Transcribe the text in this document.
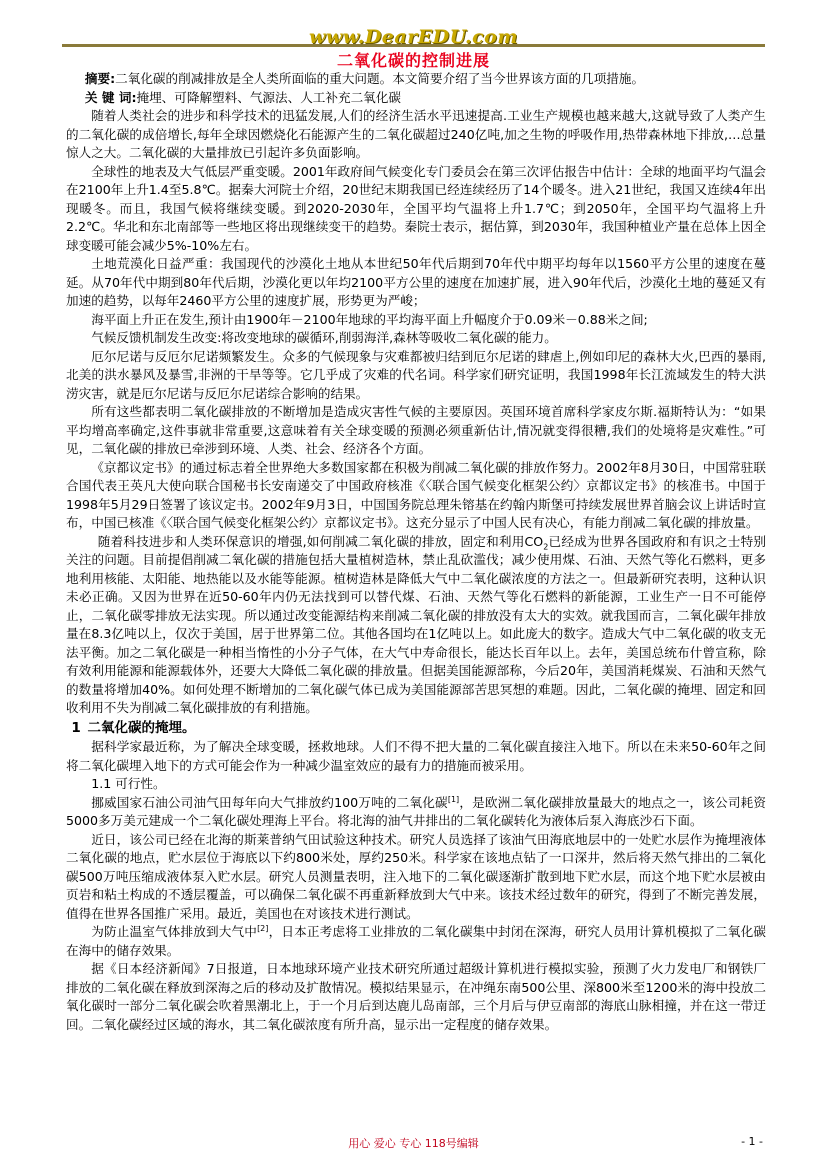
www.DearEDU.com
二氧化碳的控制进展

  摘要:二氧化碳的削减排放是全人类所面临的重大问题。本文简要介绍了当今世界该方面的几项措施。

  关 键 词:掩埋、可降解塑料、气源法、人工补充二氧化碳

随着人类社会的进步和科学技术的迅猛发展,人们的经济生活水平迅速提高.工业生产规模也越来越大,这就导致了人类产生的二氧化碳的成倍增长,每年全球因燃烧化石能源产生的二氧化碳超过240亿吨,加之生物的呼吸作用,热带森林地下排放,…总量惊人之大。二氧化碳的大量排放已引起许多负面影响。

全球性的地表及大气低层严重变暖。2001年政府间气候变化专门委员会在第三次评估报告中估计：全球的地面平均气温会在2100年上升1.4至5.8℃。据秦大河院士介绍，20世纪末期我国已经连续经历了14个暖冬。进入21世纪，我国又连续4年出现暖冬。而且，我国气候将继续变暖。到2020-2030年，全国平均气温将上升1.7℃；到2050年，全国平均气温将上升2.2℃。华北和东北南部等一些地区将出现继续变干的趋势。秦院士表示，据估算，到2030年，我国种植业产量在总体上因全球变暖可能会减少5%-10%左右。

土地荒漠化日益严重：我国现代的沙漠化土地从本世纪50年代后期到70年代中期平均每年以1560平方公里的速度在蔓延。从70年代中期到80年代后期，沙漠化更以年均2100平方公里的速度在加速扩展，进入90年代后，沙漠化土地的蔓延又有加速的趋势，以每年2460平方公里的速度扩展，形势更为严峻；

海平面上升正在发生,预计由1900年－2100年地球的平均海平面上升幅度介于0.09米－0.88米之间;

气候反馈机制发生改变:将改变地球的碳循环,削弱海洋,森林等吸收二氧化碳的能力。

厄尔尼诺与反厄尔尼诺频繁发生。众多的气候现象与灾难都被归结到厄尔尼诺的肆虐上,例如印尼的森林大火,巴西的暴雨,北美的洪水暴风及暴雪,非洲的干旱等等。它几乎成了灾难的代名词。科学家们研究证明，我国1998年长江流域发生的特大洪涝灾害，就是厄尔尼诺与反厄尔尼诺综合影响的结果。

所有这些都表明二氧化碳排放的不断增加是造成灾害性气候的主要原因。英国环境首席科学家皮尔斯.福斯特认为：“如果平均增高率确定,这件事就非常重要,这意味着有关全球变暖的预测必须重新估计,情况就变得很糟,我们的处境将是灾难性。”可见，二氧化碳的排放已牵涉到环境、人类、社会、经济各个方面。

《京都议定书》的通过标志着全世界绝大多数国家都在积极为削减二氧化碳的排放作努力。2002年8月30日，中国常驻联合国代表王英凡大使向联合国秘书长安南递交了中国政府核准《〈联合国气候变化框架公约〉京都议定书》的核准书。中国于1998年5月29日签署了该议定书。2002年9月3日，中国国务院总理朱镕基在约翰内斯堡可持续发展世界首脑会议上讲话时宣布，中国已核准《〈联合国气候变化框架公约〉京都议定书》。这充分显示了中国人民有决心，有能力削减二氧化碳的排放量。

 随着科技进步和人类环保意识的增强,如何削减二氧化碳的排放，固定和利用$CO_2$已经成为世界各国政府和有识之士特别关注的问题。目前提倡削减二氧化碳的措施包括大量植树造林，禁止乱砍滥伐；减少使用煤、石油、天然气等化石燃料，更多地利用核能、太阳能、地热能以及水能等能源。植树造林是降低大气中二氧化碳浓度的方法之一。但最新研究表明，这种认识未必正确。又因为世界在近50-60年内仍无法找到可以替代煤、石油、天然气等化石燃料的新能源，工业生产一日不可能停止，二氧化碳零排放无法实现。所以通过改变能源结构来削减二氧化碳的排放没有太大的实效。就我国而言，二氧化碳年排放量在8.3亿吨以上，仅次于美国，居于世界第二位。其他各国均在1亿吨以上。如此庞大的数字。造成大气中二氧化碳的收支无法平衡。加之二氧化碳是一种相当惰性的小分子气体，在大气中寿命很长，能达长百年以上。去年，美国总统布什曾宣称，除有效利用能源和能源载体外，还要大大降低二氧化碳的排放量。但据美国能源部称，今后20年，美国消耗煤炭、石油和天然气的数量将增加40%。如何处理不断增加的二氧化碳气体已成为美国能源部苦思冥想的难题。因此，二氧化碳的掩埋、固定和回收利用不失为削减二氧化碳排放的有利措施。

1  二氧化碳的掩埋。

据科学家最近称，为了解决全球变暖，拯救地球。人们不得不把大量的二氧化碳直接注入地下。所以在未来50-60年之间将二氧化碳埋入地下的方式可能会作为一种减少温室效应的最有力的措施而被采用。

1.1 可行性。

挪威国家石油公司油气田每年向大气排放约100万吨的二氧化碳[1]，是欧洲二氧化碳排放量最大的地点之一，该公司耗资5000多万美元建成一个二氧化碳处理海上平台。将北海的油气井排出的二氧化碳转化为液体后泵入海底沙石下面。

近日，该公司已经在北海的斯莱普纳气田试验这种技术。研究人员选择了该油气田海底地层中的一处贮水层作为掩埋液体二氧化碳的地点，贮水层位于海底以下约800米处，厚约250米。科学家在该地点钻了一口深井，然后将天然气排出的二氧化碳500万吨压缩成液体泵入贮水层。研究人员测量表明，注入地下的二氧化碳逐渐扩散到地下贮水层，而这个地下贮水层被由页岩和粘土构成的不透层覆盖，可以确保二氧化碳不再重新释放到大气中来。该技术经过数年的研究，得到了不断完善发展，值得在世界各国推广采用。最近，美国也在对该技术进行测试。

为防止温室气体排放到大气中[2]，日本正考虑将工业排放的二氧化碳集中封闭在深海，研究人员用计算机模拟了二氧化碳在海中的储存效果。

据《日本经济新闻》7日报道，日本地球环境产业技术研究所通过超级计算机进行模拟实验，预测了火力发电厂和钢铁厂排放的二氧化碳在释放到深海之后的移动及扩散情况。模拟结果显示，在冲绳东南500公里、深800米至1200米的海中投放二氧化碳时一部分二氧化碳会吹着黑潮北上，于一个月后到达鹿儿岛南部，三个月后与伊豆南部的海底山脉相撞，并在这一带迂回。二氧化碳经过区域的海水，其二氧化碳浓度有所升高，显示出一定程度的储存效果。

用心 爱心 专心 118号编辑	- 1 -
